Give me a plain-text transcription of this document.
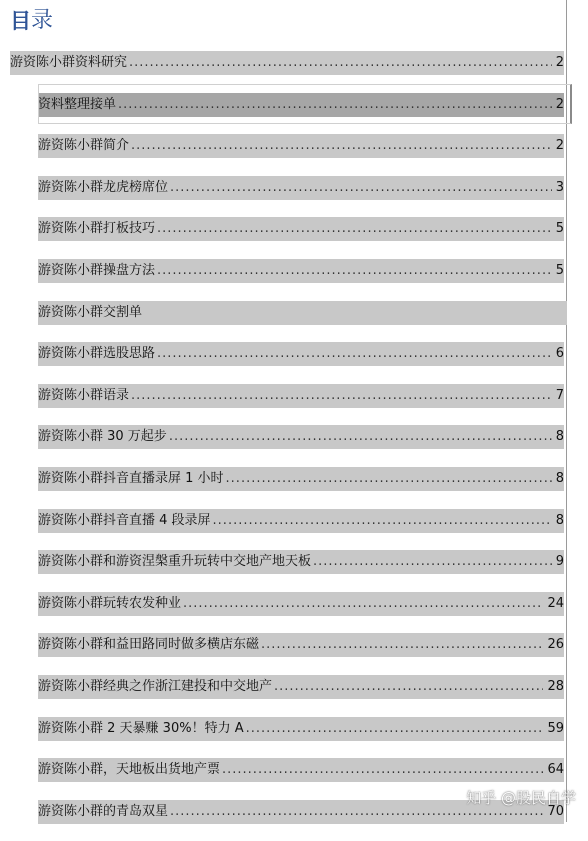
目 录
游资陈小群资料研究 .....	2
资料整理接单 .....	2
游资陈小群简介 .....	2
游资陈小群龙虎榜席位 .....	3
游资陈小群打板技巧 .....	5
游资陈小群操盘方法 .....	5
游资陈小群交割单
游资陈小群选股思路 .....	6
游资陈小群语录 .....	7
游资陈小群 30 万起步 .....	8
游资陈小群抖音直播录屏 1 小时 .....	8
游资陈小群抖音直播 4 段录屏 .....	8
游资陈小群和游资涅槃重升玩转中交地产地天板 .....	9
游资陈小群玩转农发种业 .....	24
游资陈小群和益田路同时做多横店东磁 .....	26
游资陈小群经典之作浙江建投和中交地产 .....	28
游资陈小群 2 天暴赚 30%！特力 A .....	59
游资陈小群，天地板出货地产票 .....	64
游资陈小群的青岛双星 .....	70
知乎 @股民自学
